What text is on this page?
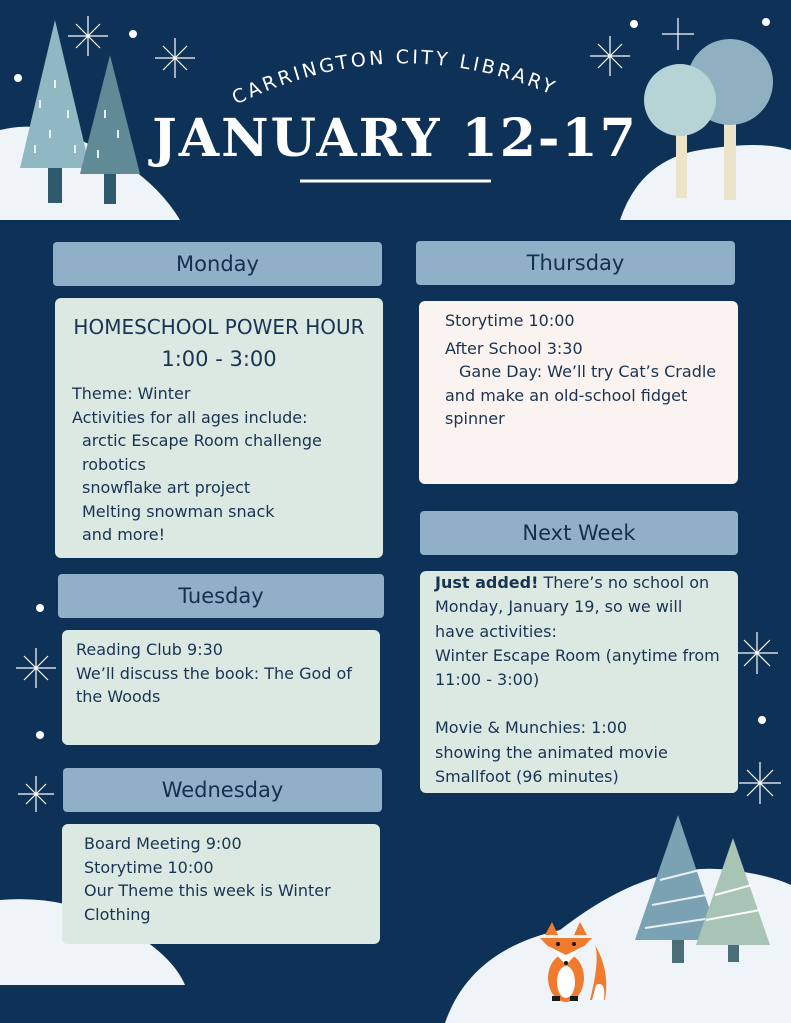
CARRINGTON CITY LIBRARY
JANUARY 12-17
Monday
HOMESCHOOL POWER HOUR
1:00 - 3:00
Theme: Winter
Activities for all ages include:
arctic Escape Room challenge
robotics
snowflake art project
Melting snowman snack
and more!
Tuesday
Reading Club 9:30
We’ll discuss the book: The God of the Woods
Wednesday
Board Meeting 9:00
Storytime 10:00
Our Theme this week is Winter Clothing
Thursday
Storytime 10:00
After School 3:30
Gane Day: We’ll try Cat’s Cradle and make an old-school fidget spinner
Next Week
Just added! There’s no school on Monday, January 19, so we will have activities:
Winter Escape Room (anytime from 11:00 - 3:00)
Movie & Munchies: 1:00
showing the animated movie Smallfoot (96 minutes)
